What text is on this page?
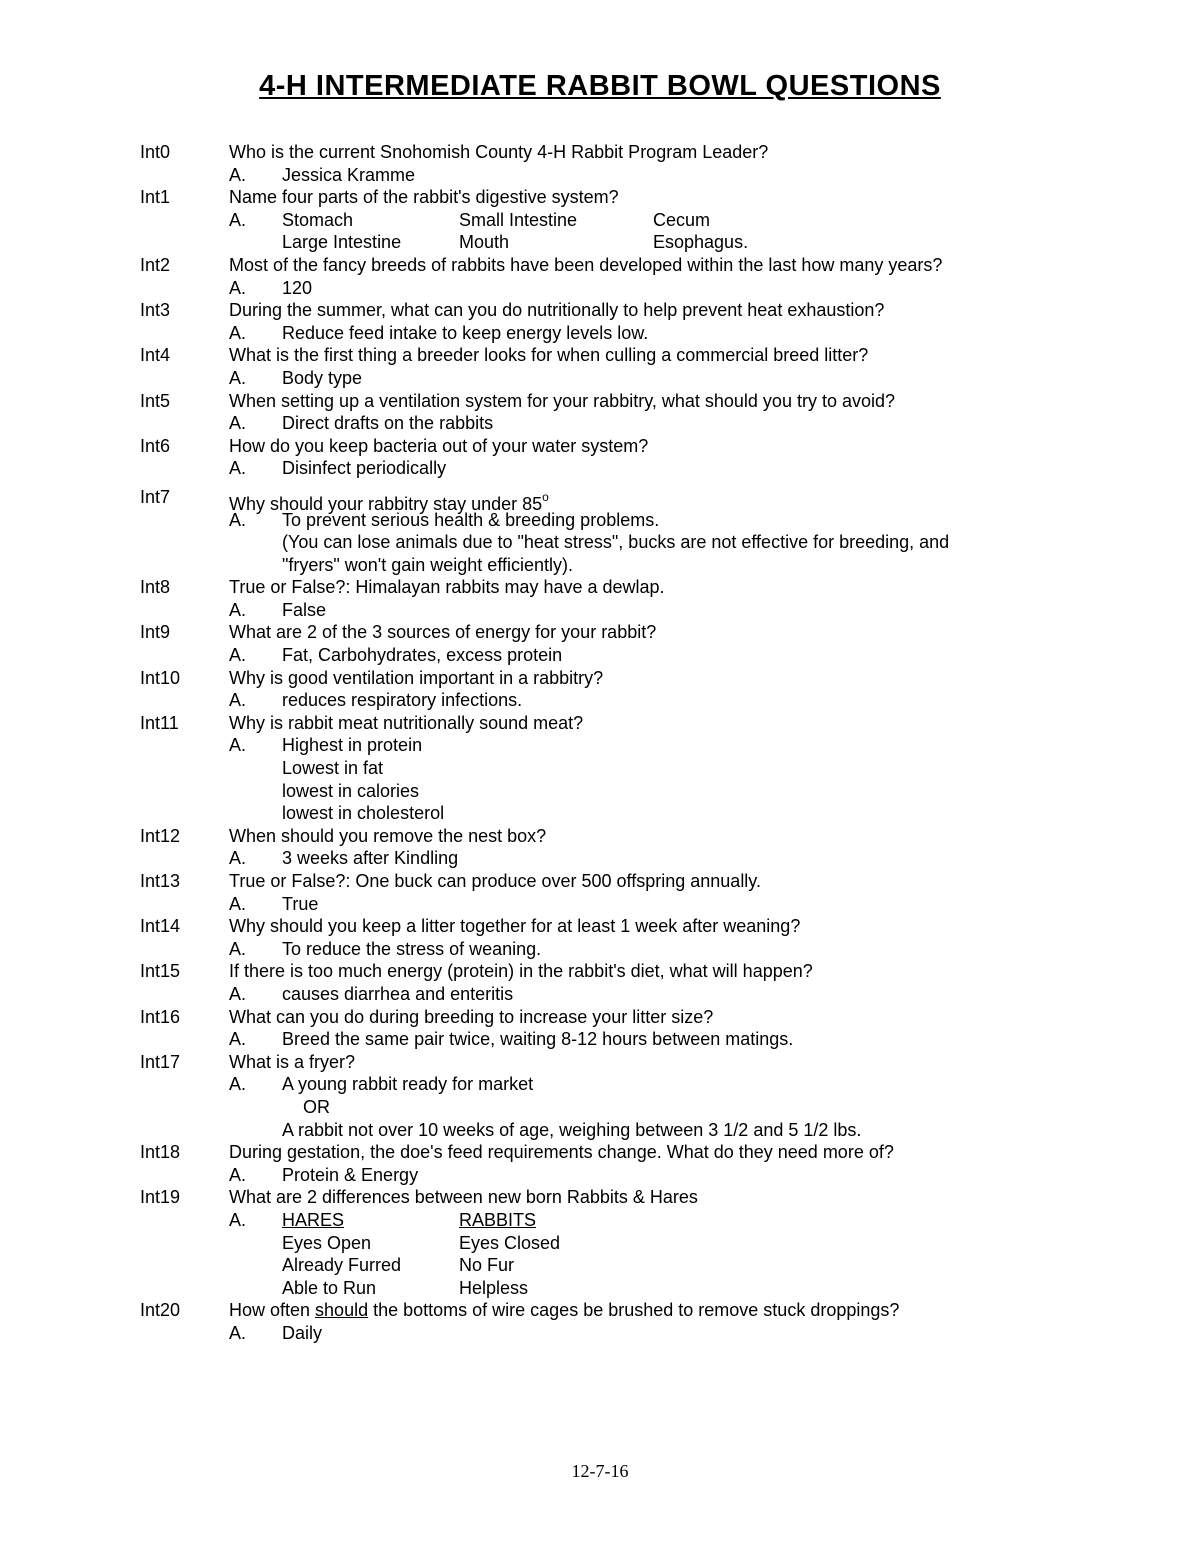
4-H INTERMEDIATE RABBIT BOWL QUESTIONS
Int0	Who is the current Snohomish County 4-H Rabbit Program Leader?
A. Jessica Kramme
Int1	Name four parts of the rabbit's digestive system?
A. Stomach	Small Intestine	Cecum
Large Intestine	Mouth	Esophagus.
Int2	Most of the fancy breeds of rabbits have been developed within the last how many years?
A. 120
Int3	During the summer, what can you do nutritionally to help prevent heat exhaustion?
A. Reduce feed intake to keep energy levels low.
Int4	What is the first thing a breeder looks for when culling a commercial breed litter?
A. Body type
Int5	When setting up a ventilation system for your rabbitry, what should you try to avoid?
A. Direct drafts on the rabbits
Int6	How do you keep bacteria out of your water system?
A. Disinfect periodically
Int7	Why should your rabbitry stay under 85$^o$
A. To prevent serious health & breeding problems.
(You can lose animals due to "heat stress", bucks are not effective for breeding, and
"fryers" won't gain weight efficiently).
Int8	True or False?: Himalayan rabbits may have a dewlap.
A. False
Int9	What are 2 of the 3 sources of energy for your rabbit?
A. Fat, Carbohydrates, excess protein
Int10	Why is good ventilation important in a rabbitry?
A. reduces respiratory infections.
Int11	Why is rabbit meat nutritionally sound meat?
A. Highest in protein
Lowest in fat
lowest in calories
lowest in cholesterol
Int12	When should you remove the nest box?
A. 3 weeks after Kindling
Int13	True or False?: One buck can produce over 500 offspring annually.
A. True
Int14	Why should you keep a litter together for at least 1 week after weaning?
A. To reduce the stress of weaning.
Int15	If there is too much energy (protein) in the rabbit's diet, what will happen?
A. causes diarrhea and enteritis
Int16	What can you do during breeding to increase your litter size?
A. Breed the same pair twice, waiting 8-12 hours between matings.
Int17	What is a fryer?
A. A young rabbit ready for market
OR
A rabbit not over 10 weeks of age, weighing between 3 1/2 and 5 1/2 lbs.
Int18	During gestation, the doe's feed requirements change. What do they need more of?
A. Protein & Energy
Int19	What are 2 differences between new born Rabbits & Hares
A. HARES	RABBITS
Eyes Open	Eyes Closed
Already Furred	No Fur
Able to Run	Helpless
Int20	How often should the bottoms of wire cages be brushed to remove stuck droppings?
A. Daily
12-7-16
